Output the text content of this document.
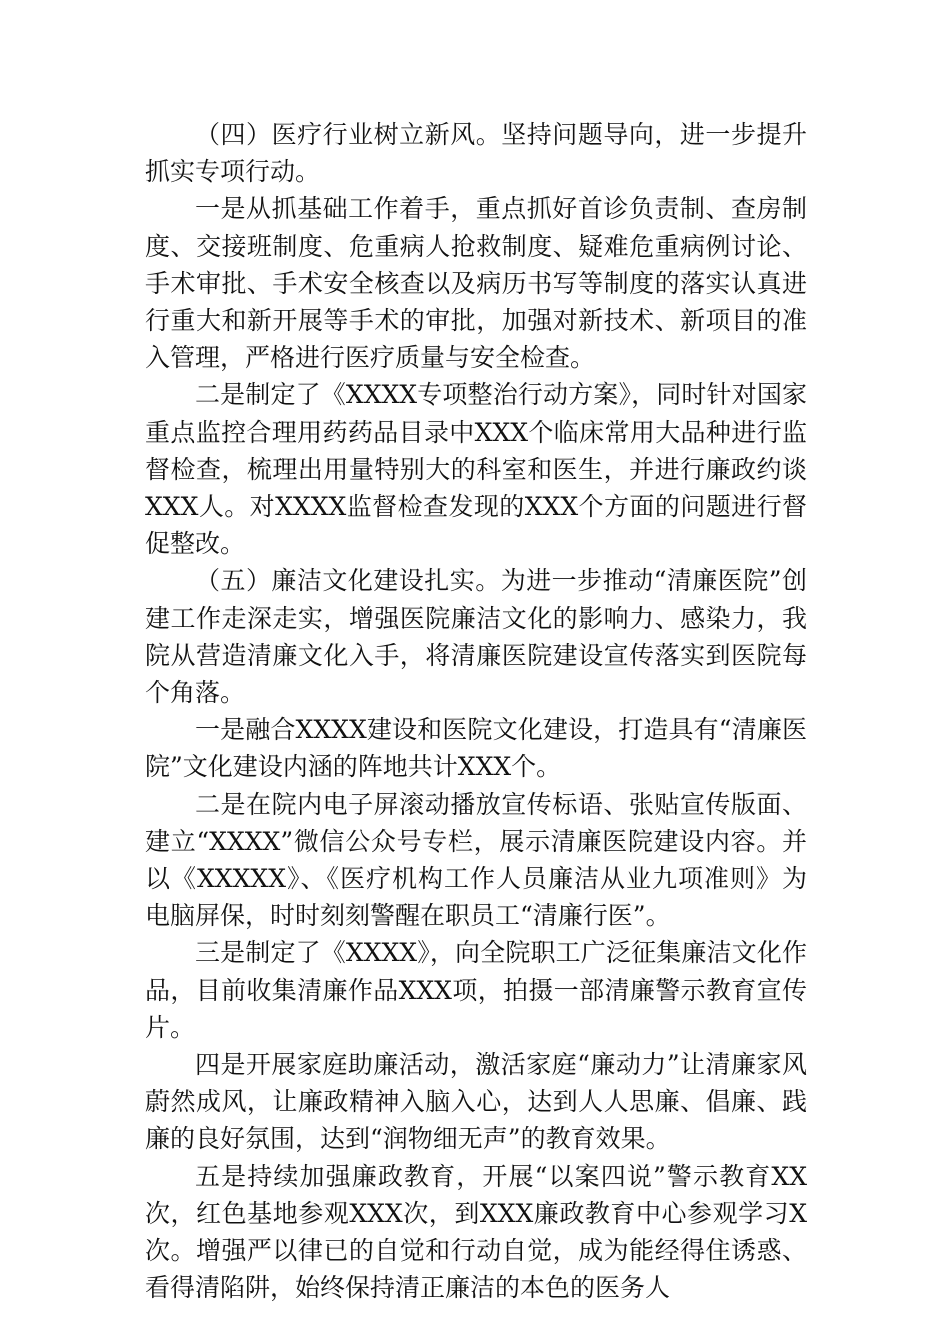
（四）医疗行业树立新风。坚持问题导向，进一步提升抓实专项行动。

一是从抓基础工作着手，重点抓好首诊负责制、查房制度、交接班制度、危重病人抢救制度、疑难危重病例讨论、手术审批、手术安全核查以及病历书写等制度的落实认真进行重大和新开展等手术的审批，加强对新技术、新项目的准入管理，严格进行医疗质量与安全检查。

二是制定了《XXXX专项整治行动方案》，同时针对国家重点监控合理用药药品目录中XXX个临床常用大品种进行监督检查，梳理出用量特别大的科室和医生，并进行廉政约谈XXX人。对XXXX监督检查发现的XXX个方面的问题进行督促整改。

（五）廉洁文化建设扎实。为进一步推动“清廉医院”创建工作走深走实，增强医院廉洁文化的影响力、感染力，我院从营造清廉文化入手，将清廉医院建设宣传落实到医院每个角落。

一是融合XXXX建设和医院文化建设，打造具有“清廉医院”文化建设内涵的阵地共计XXX个。

二是在院内电子屏滚动播放宣传标语、张贴宣传版面、建立“XXXX”微信公众号专栏，展示清廉医院建设内容。并以《XXXXX》、《医疗机构工作人员廉洁从业九项准则》为电脑屏保，时时刻刻警醒在职员工“清廉行医”。

三是制定了《XXXX》，向全院职工广泛征集廉洁文化作品，目前收集清廉作品XXX项，拍摄一部清廉警示教育宣传片。

四是开展家庭助廉活动，激活家庭“廉动力”让清廉家风蔚然成风，让廉政精神入脑入心，达到人人思廉、倡廉、践廉的良好氛围，达到“润物细无声”的教育效果。

五是持续加强廉政教育，开展“以案四说”警示教育XX次，红色基地参观XXX次，到XXX廉政教育中心参观学习X次。增强严以律已的自觉和行动自觉，成为能经得住诱惑、看得清陷阱，始终保持清正廉洁的本色的医务人
